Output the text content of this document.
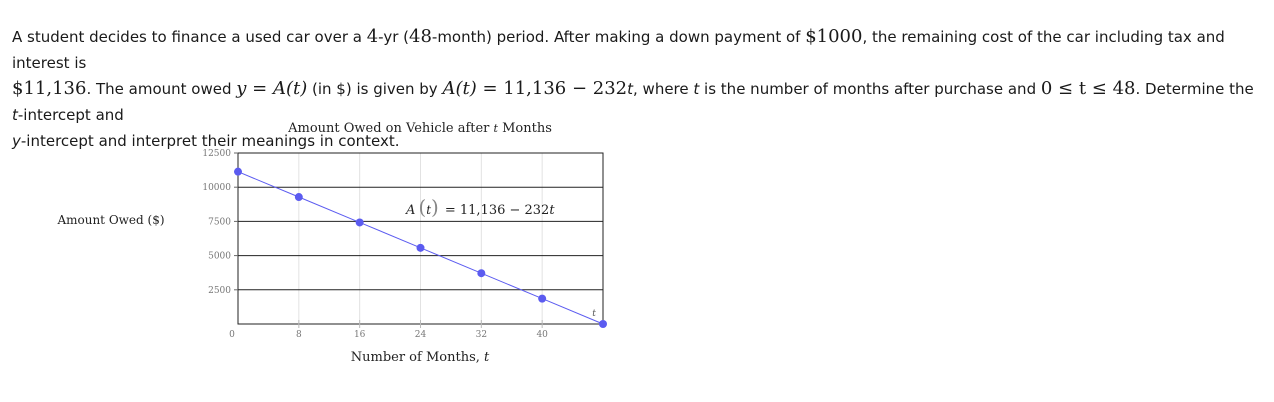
A student decides to finance a used car over a 4-yr (48-month) period. After making a down payment of $1000, the remaining cost of the car including tax and interest is
$11,136. The amount owed y = A(t) (in $) is given by A(t) = 11,136 − 232t, where t is the number of months after purchase and 0 ≤ t ≤ 48. Determine the t-intercept and
y-intercept and interpret their meanings in context.
Amount Owed on Vehicle after t Months
Amount Owed ($)
Number of Months, t
12500
10000
7500
5000
2500
0	8	16	24	32	40
t
A (t) = 11,136 − 232t
